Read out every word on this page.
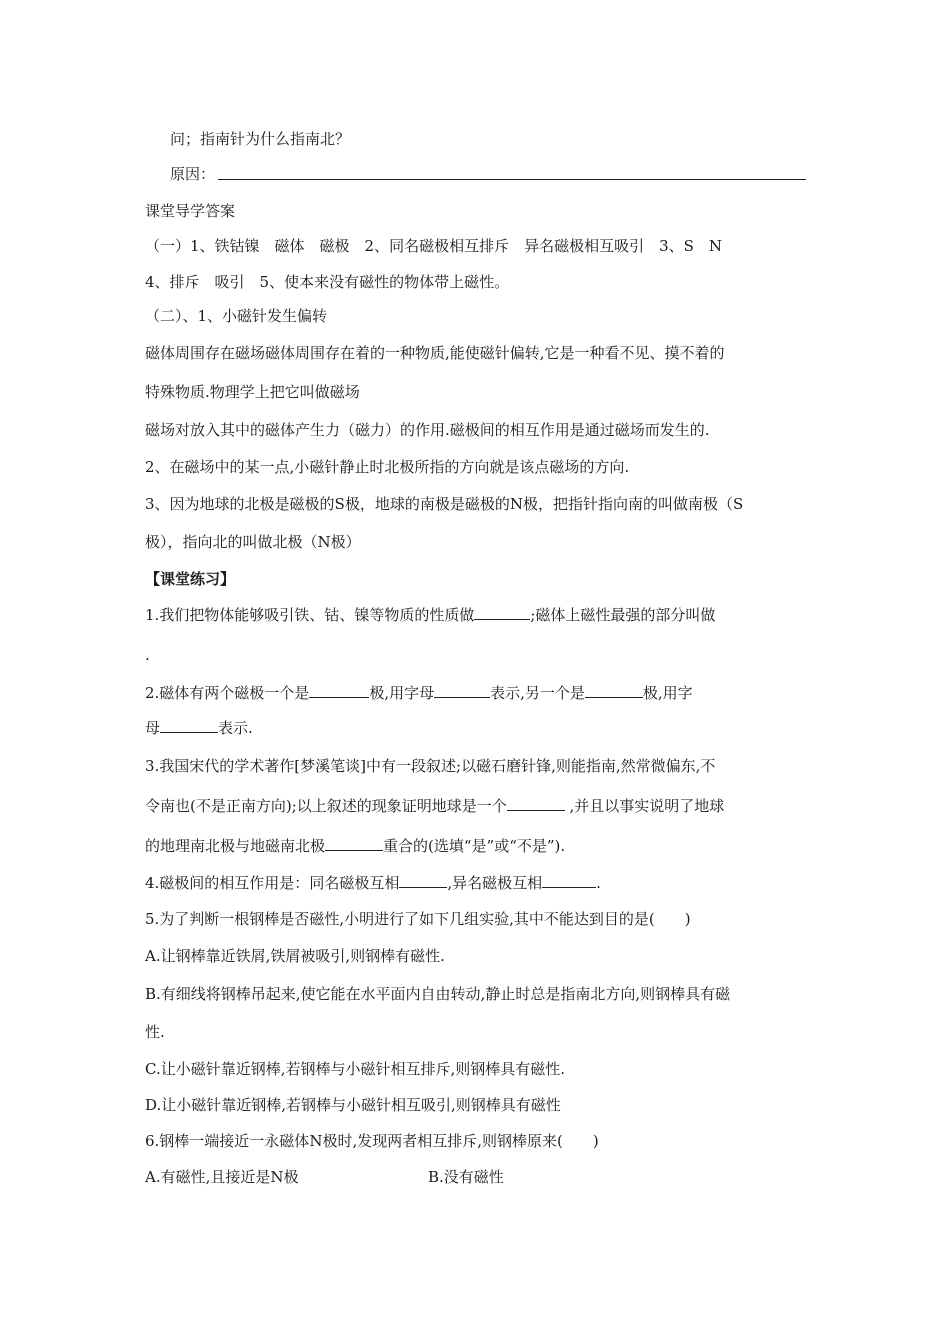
问；指南针为什么指南北？
原因：
课堂导学答案
（一）1、铁钴镍　磁体　磁极　2、同名磁极相互排斥　异名磁极相互吸引　3、S　N
4、排斥　吸引　5、使本来没有磁性的物体带上磁性。
（二）、1、小磁针发生偏转
磁体周围存在磁场磁体周围存在着的一种物质,能使磁针偏转,它是一种看不见、摸不着的
特殊物质.物理学上把它叫做磁场
磁场对放入其中的磁体产生力（磁力）的作用.磁极间的相互作用是通过磁场而发生的.
2、在磁场中的某一点,小磁针静止时北极所指的方向就是该点磁场的方向.
3、因为地球的北极是磁极的S极，地球的南极是磁极的N极，把指针指向南的叫做南极（S
极），指向北的叫做北极（N极）
【课堂练习】
1.我们把物体能够吸引铁、钴、镍等物质的性质做	;磁体上磁性最强的部分叫做
.
2.磁体有两个磁极一个是	极,用字母	表示,另一个是	极,用字
母	表示.
3.我国宋代的学术著作[梦溪笔谈]中有一段叙述;以磁石磨针锋,则能指南,然常微偏东,不
令南也(不是正南方向);以上叙述的现象证明地球是一个	,并且以事实说明了地球
的地理南北极与地磁南北极	重合的(选填“是”或“不是”).
4.磁极间的相互作用是：同名磁极互相	,异名磁极互相	.
5.为了判断一根钢棒是否磁性,小明进行了如下几组实验,其中不能达到目的是(　　)
A.让钢棒靠近铁屑,铁屑被吸引,则钢棒有磁性.
B.有细线将钢棒吊起来,使它能在水平面内自由转动,静止时总是指南北方向,则钢棒具有磁
性.
C.让小磁针靠近钢棒,若钢棒与小磁针相互排斥,则钢棒具有磁性.
D.让小磁针靠近钢棒,若钢棒与小磁针相互吸引,则钢棒具有磁性
6.钢棒一端接近一永磁体N极时,发现两者相互排斥,则钢棒原来(　　)
A.有磁性,且接近是N极	B.没有磁性
